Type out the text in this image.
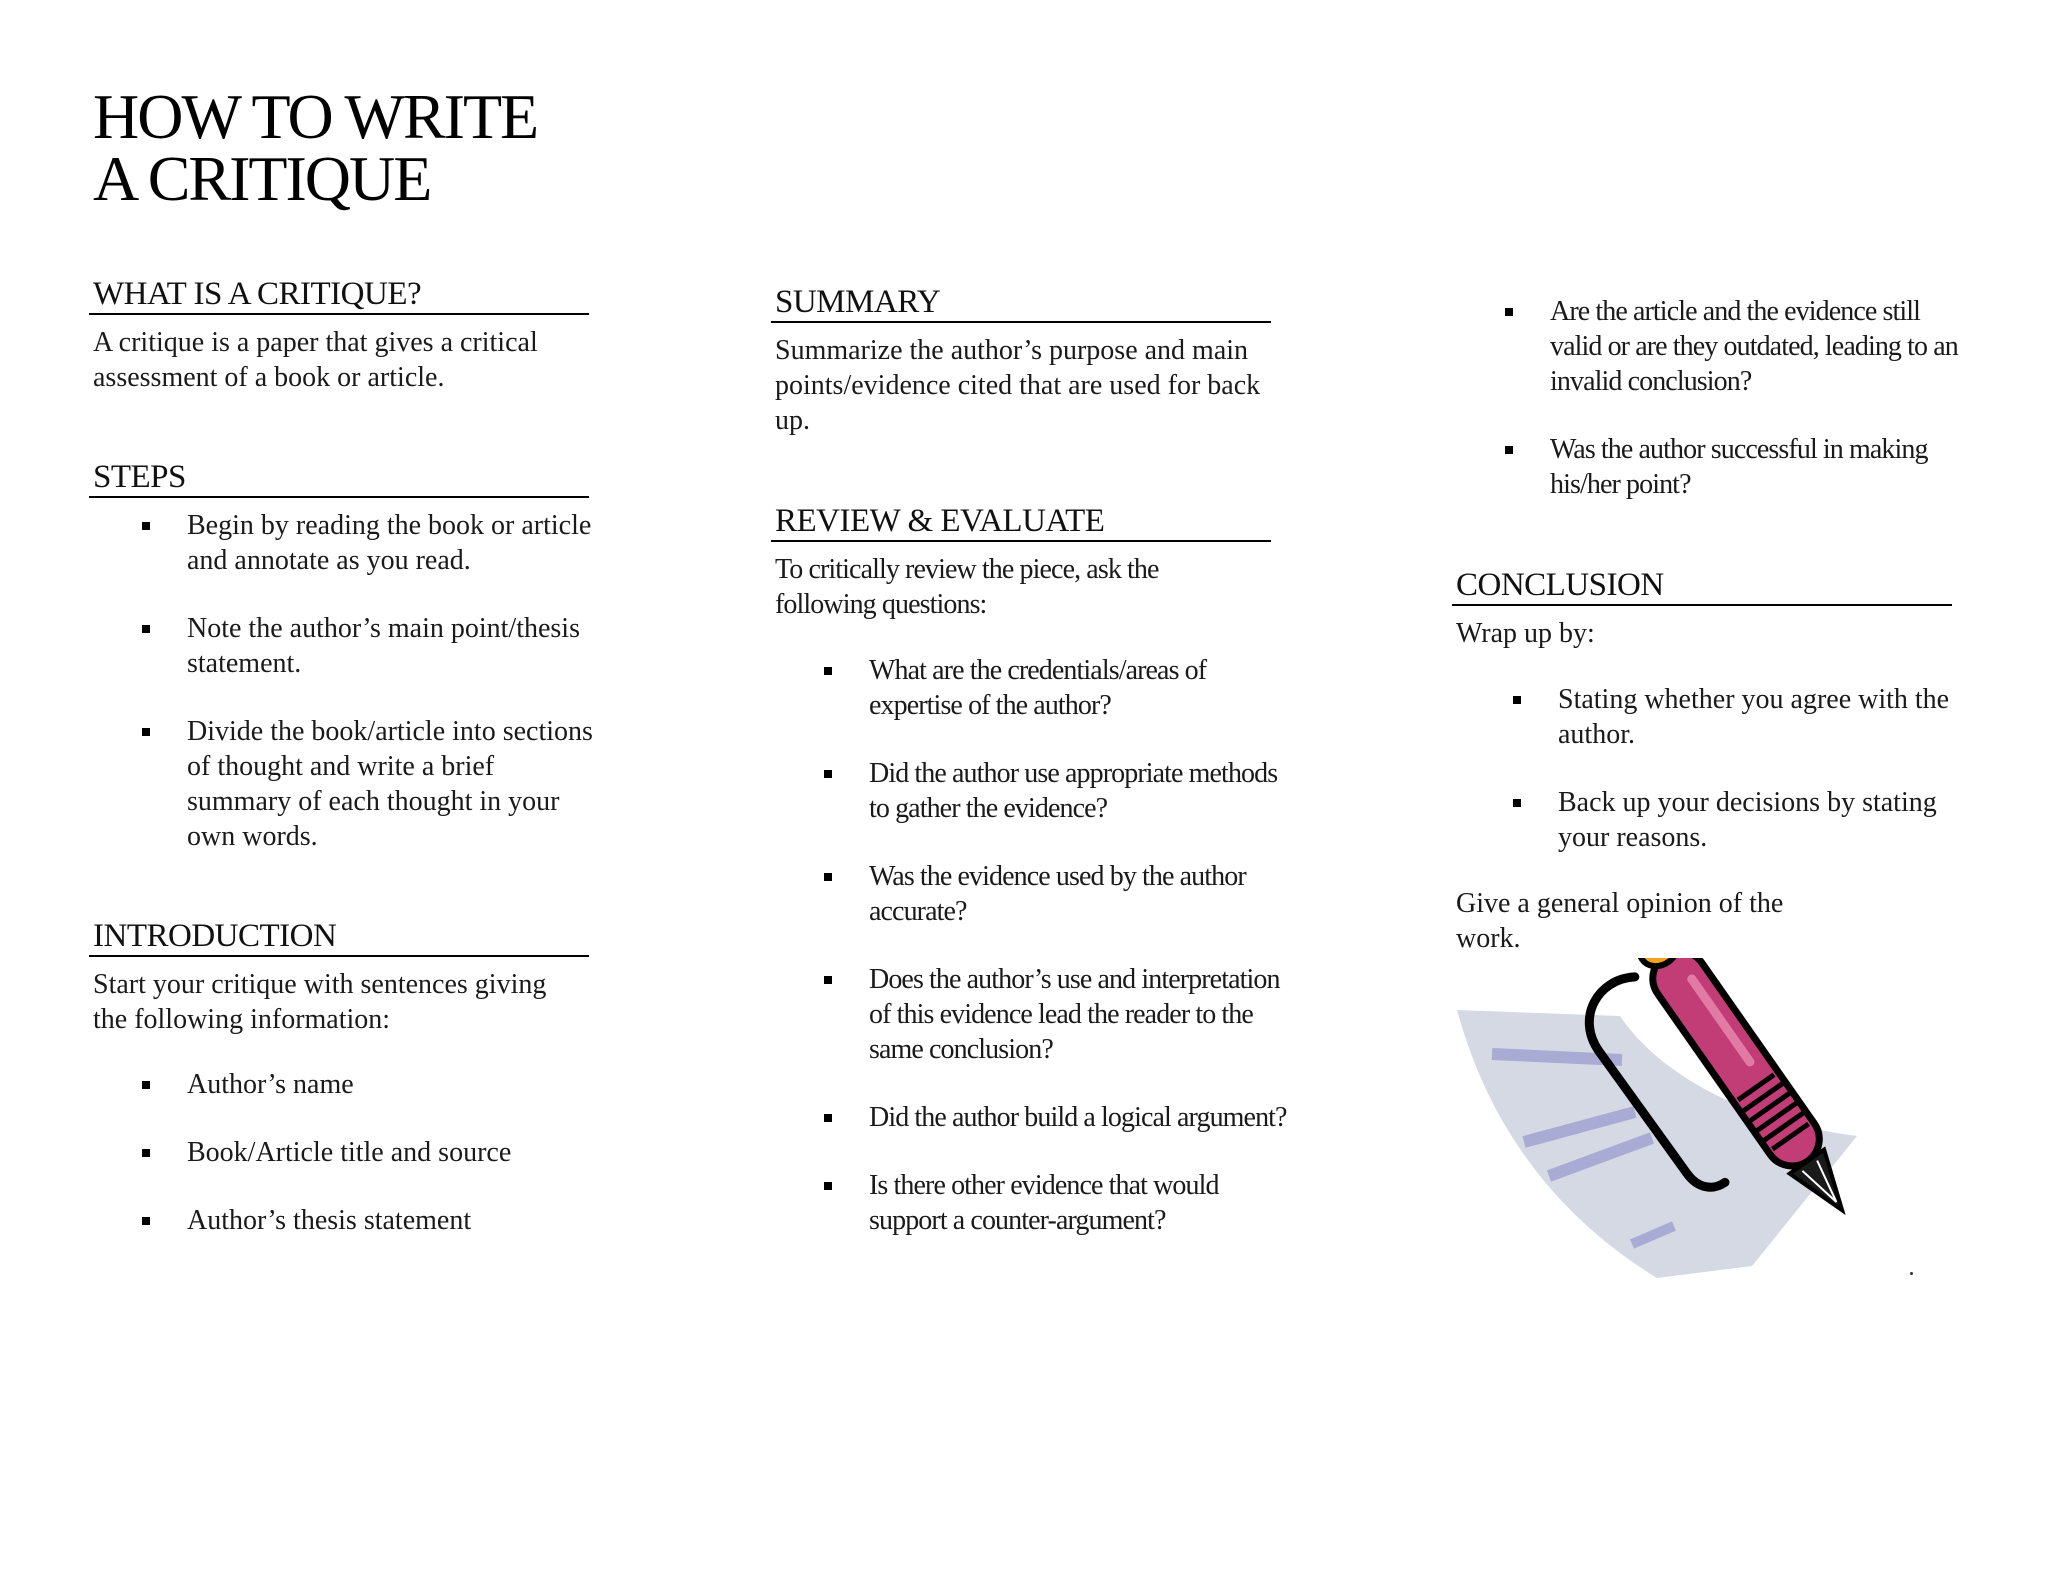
HOW TO WRITE
A CRITIQUE
WHAT IS A CRITIQUE?

A critique is a paper that gives a critical assessment of a book or article.

STEPS
Begin by reading the book or article and annotate as you read.
Note the author’s main point/thesis statement.
Divide the book/article into sections of thought and write a brief summary of each thought in your own words.
INTRODUCTION

Start your critique with sentences giving the following information:

Author’s name
Book/Article title and source
Author’s thesis statement
SUMMARY

Summarize the author’s purpose and main points/evidence cited that are used for back up.

REVIEW & EVALUATE

To critically review the piece, ask the following questions:

What are the credentials/areas of expertise of the author?
Did the author use appropriate methods to gather the evidence?
Was the evidence used by the author accurate?
Does the author’s use and interpretation of this evidence lead the reader to the same conclusion?
Did the author build a logical argument?
Is there other evidence that would support a counter-argument?
Are the article and the evidence still valid or are they outdated, leading to an invalid conclusion?
Was the author successful in making his/her point?
CONCLUSION

Wrap up by:

Stating whether you agree with the author.
Back up your decisions by stating your reasons.

Give a general opinion of the work.
